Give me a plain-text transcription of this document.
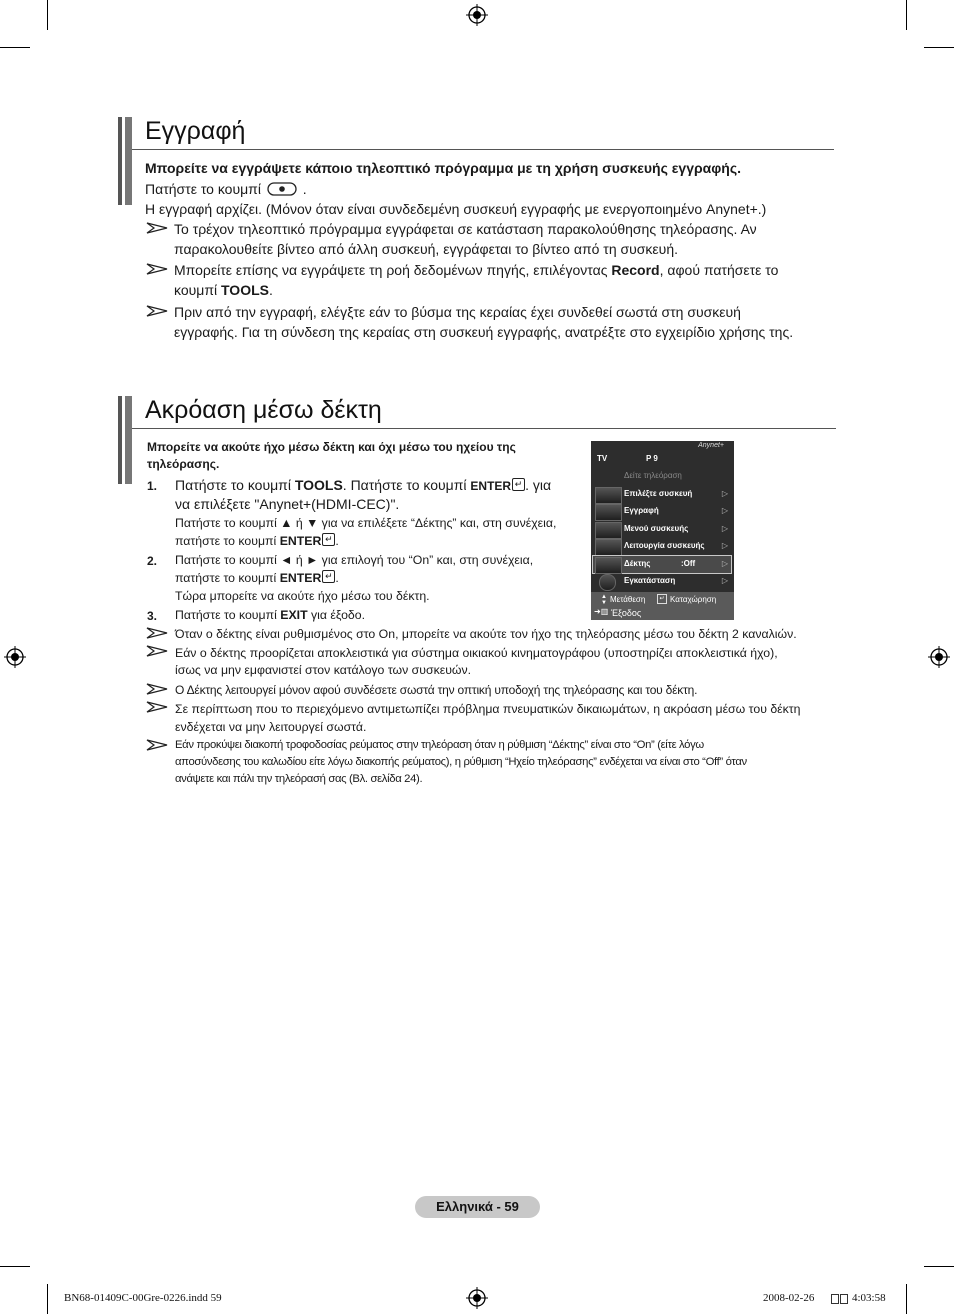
Εγγραφή
Μπορείτε να εγγράψετε κάποιο τηλεοπτικό πρόγραμμα με τη χρήση συσκευής εγγραφής.
Πατήστε το κουμπί	.
Η εγγραφή αρχίζει. (Μόνον όταν είναι συνδεδεμένη συσκευή εγγραφής με ενεργοποιημένο Anynet+.)
Το τρέχον τηλεοπτικό πρόγραμμα εγγράφεται σε κατάσταση παρακολούθησης τηλεόρασης. Αν
παρακολουθείτε βίντεο από άλλη συσκευή, εγγράφεται το βίντεο από τη συσκευή.
Μπορείτε επίσης να εγγράψετε τη ροή δεδομένων πηγής, επιλέγοντας Record, αφού πατήσετε το
κουμπί TOOLS.
Πριν από την εγγραφή, ελέγξτε εάν το βύσμα της κεραίας έχει συνδεθεί σωστά στη συσκευή
εγγραφής. Για τη σύνδεση της κεραίας στη συσκευή εγγραφής, ανατρέξτε στο εγχειρίδιο χρήσης της.
Ακρόαση μέσω δέκτη
Μπορείτε να ακούτε ήχο μέσω δέκτη και όχι μέσω του ηχείου της
τηλεόρασης.
1. Πατήστε το κουμπί TOOLS. Πατήστε το κουμπί ENTER ↵ . για
να επιλέξετε "Anynet+(HDMI-CEC)".
Πατήστε το κουμπί ▲ ή ▼ για να επιλέξετε “Δέκτης” και, στη συνέχεια,
πατήστε το κουμπί ENTER ↵ .
2. Πατήστε το κουμπί ◄ ή ► για επιλογή του “On” και, στη συνέχεια,
πατήστε το κουμπί ENTER ↵ .
Τώρα μπορείτε να ακούτε ήχο μέσω του δέκτη.
3. Πατήστε το κουμπί EXIT για έξοδο.
Όταν ο δέκτης είναι ρυθμισμένος στο On, μπορείτε να ακούτε τον ήχο της τηλεόρασης μέσω του δέκτη 2 καναλιών.
Εάν ο δέκτης προορίζεται αποκλειστικά για σύστημα οικιακού κινηματογράφου (υποστηρίζει αποκλειστικά ήχο),
ίσως να μην εμφανιστεί στον κατάλογο των συσκευών.
Ο Δέκτης λειτουργεί μόνον αφού συνδέσετε σωστά την οπτική υποδοχή της τηλεόρασης και του δέκτη.
Σε περίπτωση που το περιεχόμενο αντιμετωπίζει πρόβλημα πνευματικών δικαιωμάτων, η ακρόαση μέσω του δέκτη
ενδέχεται να μην λειτουργεί σωστά.
Εάν προκύψει διακοπή τροφοδοσίας ρεύματος στην τηλεόραση όταν η ρύθμιση “Δέκτης” είναι στο “On” (είτε λόγω
αποσύνδεσης του καλωδίου είτε λόγω διακοπής ρεύματος), η ρύθμιση “Ηχείο τηλεόρασης” ενδέχεται να είναι στο “Off” όταν
ανάψετε και πάλι την τηλεόρασή σας (Βλ. σελίδα 24).
Anynet+
TV	P 9
Δείτε τηλεόραση
Επιλέξτε συσκευή	▷
Εγγραφή	▷
Μενού συσκευής	▷
Λειτουργία συσκευής ▷
Δέκτης	:Off	▷
Εγκατάσταση	▷
▲
▼ Μετάθεση	↵ Καταχώρηση
➜▥ Έξοδος
Ελληνικά - 59
BN68-01409C-00Gre-0226.indd 59	2008-02-26	4:03:58
